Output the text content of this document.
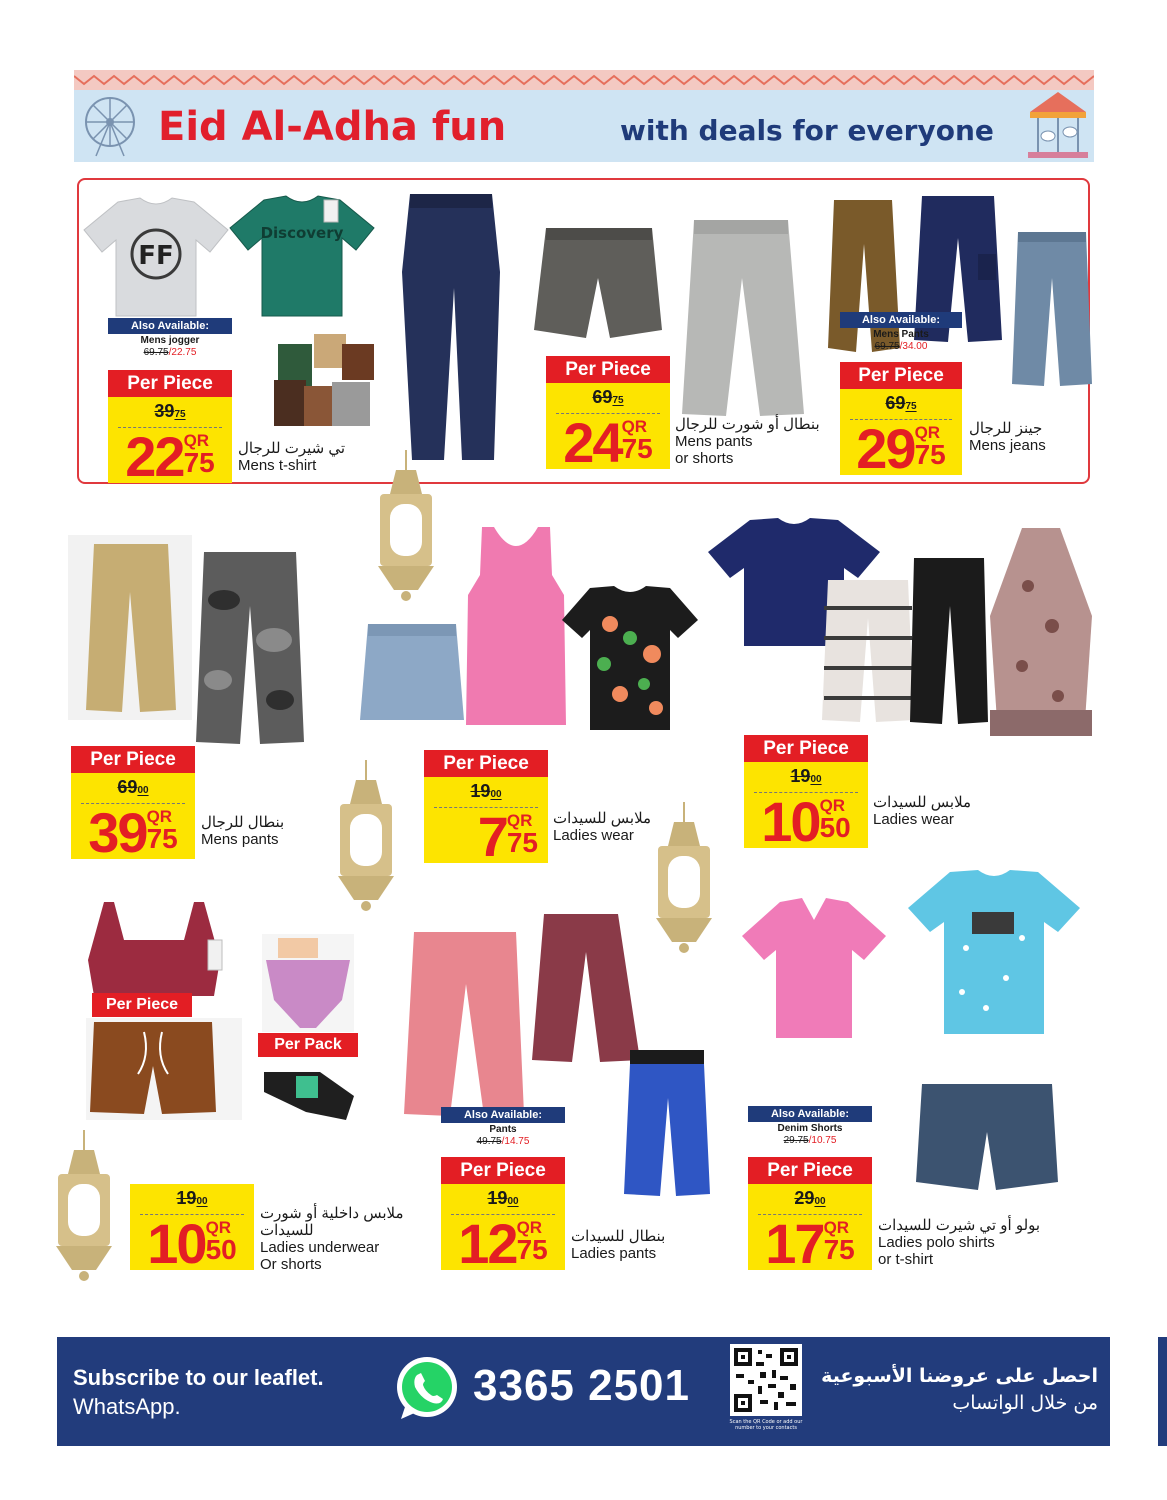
Eid Al-Adha fun	with deals for everyone
FF
Discovery
Also Available:
Mens jogger
69.75/22.75
Per Piece
3975
22 QR
75 تي شيرت للرجال
Mens t-shirt
Per Piece
6975
24 QR
75
بنطال أو شورت للرجال
Mens pants
or shorts
Also Available:
Mens Pants
69.75/34.00
Per Piece
6975
29 QR
75
جينز للرجال
Mens jeans
Per Piece
6900
39 QR
75
بنطال للرجال
Mens pants
Per Piece
1900
7 QR
75
ملابس للسيدات
Ladies wear
Per Piece
1900
10 QR
50
ملابس للسيدات
Ladies wear
Per Piece
Per Pack
1900
10 QR
50
ملابس داخلية أو شورت
للسيدات
Ladies underwear
Or shorts
Also Available:
Pants
49.75/14.75
Per Piece
1900
12 QR
75 بنطال للسيدات
Ladies pants
Also Available:
Denim Shorts
29.75/10.75
Per Piece
2900
17 QR
75
بولو أو تي شيرت للسيدات
Ladies polo shirts
or t-shirt
Subscribe to our leaflet.
WhatsApp.	3365 2501
Scan the QR Code or add our number to your contacts
احصل على عروضنا الأسبوعية
من خلال الواتساب
